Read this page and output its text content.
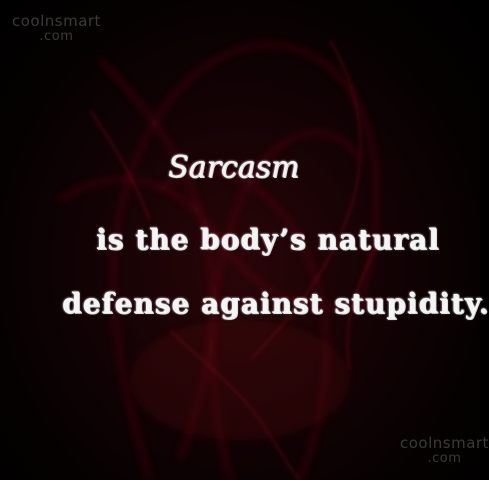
coolnsmart
.com
Sarcasm
is the body’s natural
defense against stupidity.
coolnsmart
.com
